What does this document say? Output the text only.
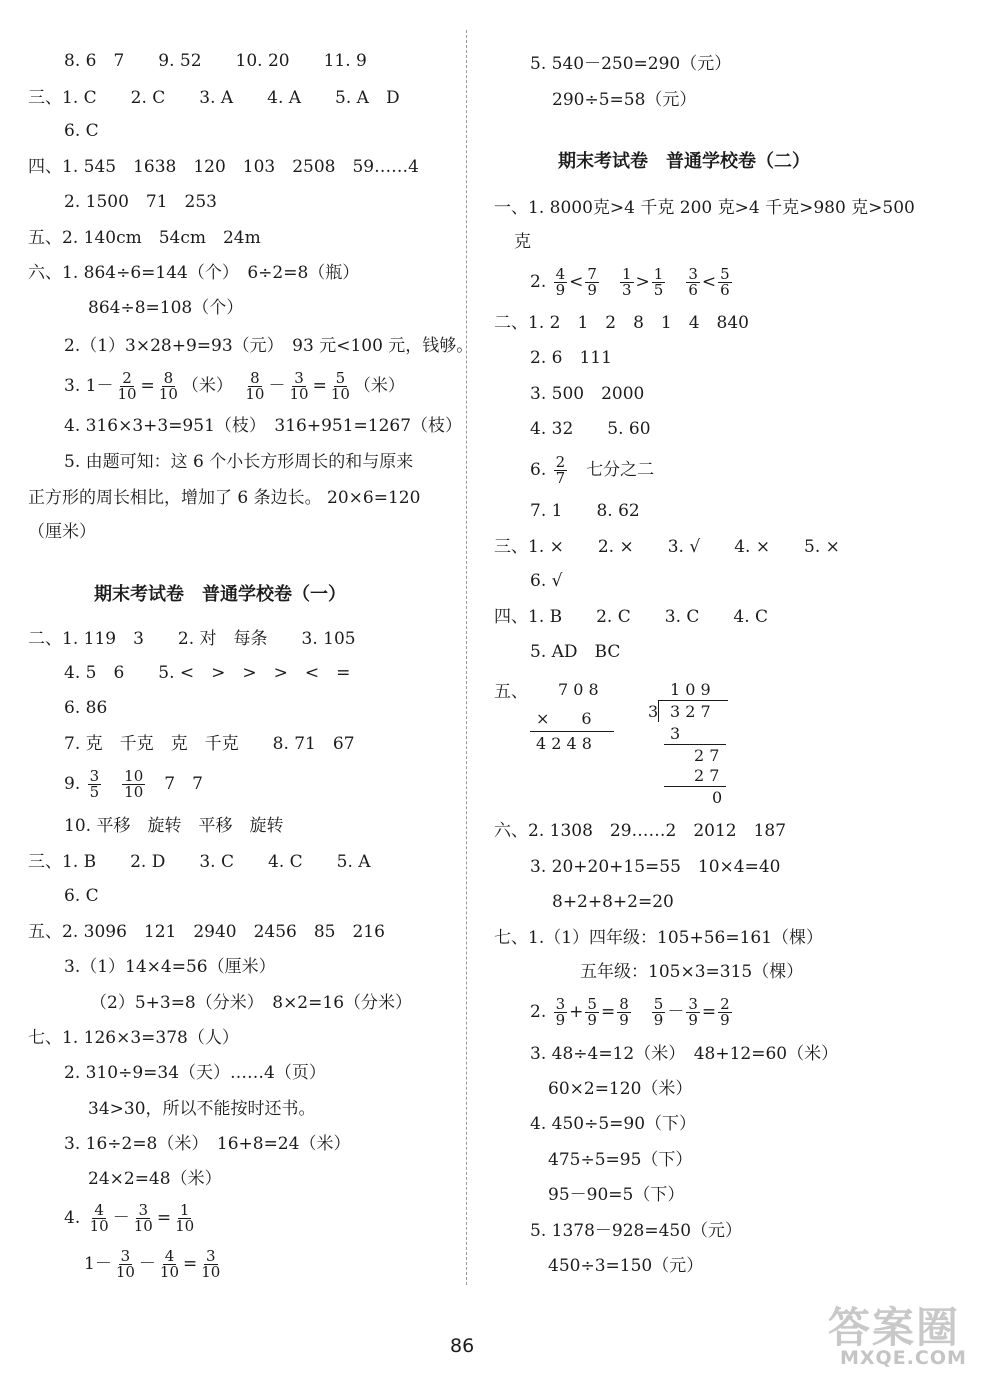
8. 6　7　　9. 52　　10. 20　　11. 9
三、1. C　　2. C　　3. A　　4. A　　5. A　D
6. C
四、1. 545　1638　120　103　2508　59……4
2. 1500　71　253
五、2. 140cm　54cm　24m
六、1. 864÷6=144（个）　6÷2=8（瓶）
864÷8=108（个）
2.（1）3×28+9=93（元）　93 元<100 元，钱够。
3. $1- \frac{2}{10} = \frac{8}{10}$ （米）　 $\frac{8}{10} - \frac{3}{10} = \frac{5}{10}$ （米）
4. 316×3+3=951（枝）　316+951=1267（枝）
5. 由题可知：这 6 个小长方形周长的和与原来
正方形的周长相比，增加了 6 条边长。 20×6=120
（厘米）
期末考试卷　普通学校卷（一）
二、1. 119　3　　2. 对　每条　　3. 105
4. 5　6　　5. <　>　>　>　<　=
6. 86
7. 克　千克　克　千克　　8. 71　67
9. $\frac{3}{5}$
　 $\frac{10}{10}$ 　7　7
10. 平移　旋转　平移　旋转
三、1. B　　2. D　　3. C　　4. C　　5. A
6. C
五、2. 3096　121　2940　2456　85　216
3.（1）14×4=56（厘米）
（2）5+3=8（分米）　8×2=16（分米）
七、1. 126×3=378（人）
2. 310÷9=34（天）……4（页）
34>30，所以不能按时还书。
3. 16÷2=8（米）　16+8=24（米）
24×2=48（米）
4. $\frac{4}{10} - \frac{3}{10} = \frac{1}{10}$
$1- \frac{3}{10} - \frac{4}{10} = \frac{3}{10}$
5. 540－250=290（元）
290÷5=58（元）
期末考试卷　普通学校卷（二）
一、1. 8000克>4 千克 200 克>4 千克>980 克>500
克
2. $\frac{4}{9} < \frac{7}{9}$
　 $\frac{1}{3} > \frac{1}{5}$
　 $\frac{3}{6} < \frac{5}{6}$
二、1. 2　1　2　8　1　4　840
2. 6　111
3. 500　2000
4. 32　　5. 60
6. $\frac{2}{7}$ 　七分之二
7. 1　　8. 62
三、1. ×　　2. ×　　3. √　　4. ×　　5. ×
6. √
四、1. B　　2. C　　3. C　　4. C
5. AD　BC
五、 7 0 8
×　　6
4 2 4 8
1 0 9
3 3 2 7
3
2 7
2 7
0
六、2. 1308　29……2　2012　187
3. 20+20+15=55　10×4=40
8+2+8+2=20
七、1.（1）四年级：105+56=161（棵）
五年级：105×3=315（棵）
2. $\frac{3}{9} + \frac{5}{9} = \frac{8}{9}$
　 $\frac{5}{9} - \frac{3}{9} = \frac{2}{9}$
3. 48÷4=12（米）　48+12=60（米）
60×2=120（米）
4. 450÷5=90（下）
475÷5=95（下）
95－90=5（下）
5. 1378－928=450（元）
450÷3=150（元）
86	答案圈
MXQE.COM
